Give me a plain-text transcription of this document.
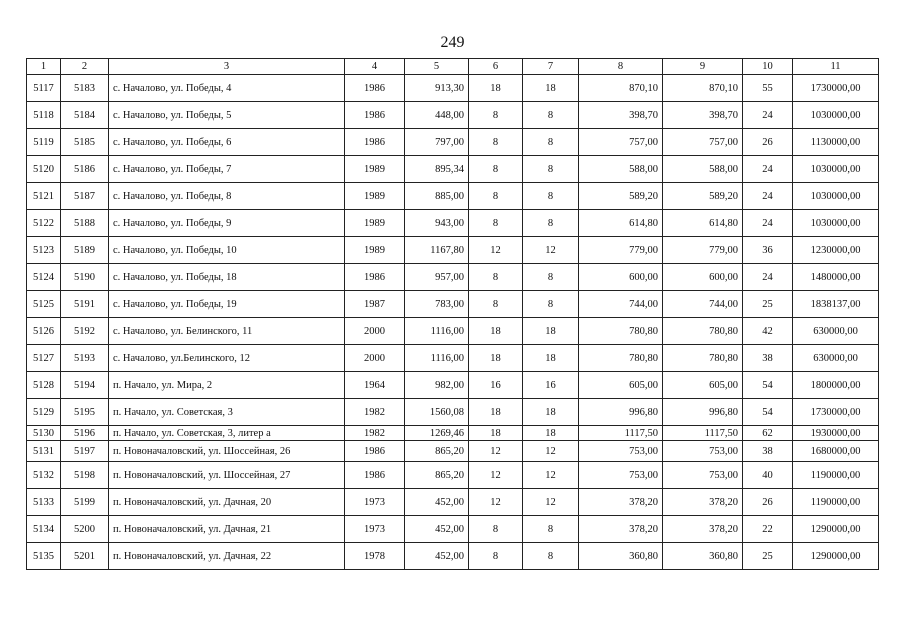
249
1	2	3	4	5	6	7	8	9	10	11
5117	5183	с. Началово, ул. Победы, 4	1986	913,30	18	18	870,10	870,10	55	1730000,00
5118	5184	с. Началово, ул. Победы, 5	1986	448,00	8	8	398,70	398,70	24	1030000,00
5119	5185	с. Началово, ул. Победы, 6	1986	797,00	8	8	757,00	757,00	26	1130000,00
5120	5186	с. Началово, ул. Победы, 7	1989	895,34	8	8	588,00	588,00	24	1030000,00
5121	5187	с. Началово, ул. Победы, 8	1989	885,00	8	8	589,20	589,20	24	1030000,00
5122	5188	с. Началово, ул. Победы, 9	1989	943,00	8	8	614,80	614,80	24	1030000,00
5123	5189	с. Началово, ул. Победы, 10	1989	1167,80	12	12	779,00	779,00	36	1230000,00
5124	5190	с. Началово, ул. Победы, 18	1986	957,00	8	8	600,00	600,00	24	1480000,00
5125	5191	с. Началово, ул. Победы, 19	1987	783,00	8	8	744,00	744,00	25	1838137,00
5126	5192	с. Началово, ул. Белинского, 11	2000	1116,00	18	18	780,80	780,80	42	630000,00
5127	5193	с. Началово, ул.Белинского, 12	2000	1116,00	18	18	780,80	780,80	38	630000,00
5128	5194	п. Начало, ул. Мира, 2	1964	982,00	16	16	605,00	605,00	54	1800000,00
5129	5195	п. Начало, ул. Советская, 3	1982	1560,08	18	18	996,80	996,80	54	1730000,00
5130	5196	п. Начало, ул. Советская, 3, литер а	1982	1269,46	18	18	1117,50	1117,50	62	1930000,00
5131	5197	п. Новоначаловский, ул. Шоссейная, 26	1986	865,20	12	12	753,00	753,00	38	1680000,00
5132	5198	п. Новоначаловский, ул. Шоссейная, 27	1986	865,20	12	12	753,00	753,00	40	1190000,00
5133	5199	п. Новоначаловский, ул. Дачная, 20	1973	452,00	12	12	378,20	378,20	26	1190000,00
5134	5200	п. Новоначаловский, ул. Дачная, 21	1973	452,00	8	8	378,20	378,20	22	1290000,00
5135	5201	п. Новоначаловский, ул. Дачная, 22	1978	452,00	8	8	360,80	360,80	25	1290000,00
